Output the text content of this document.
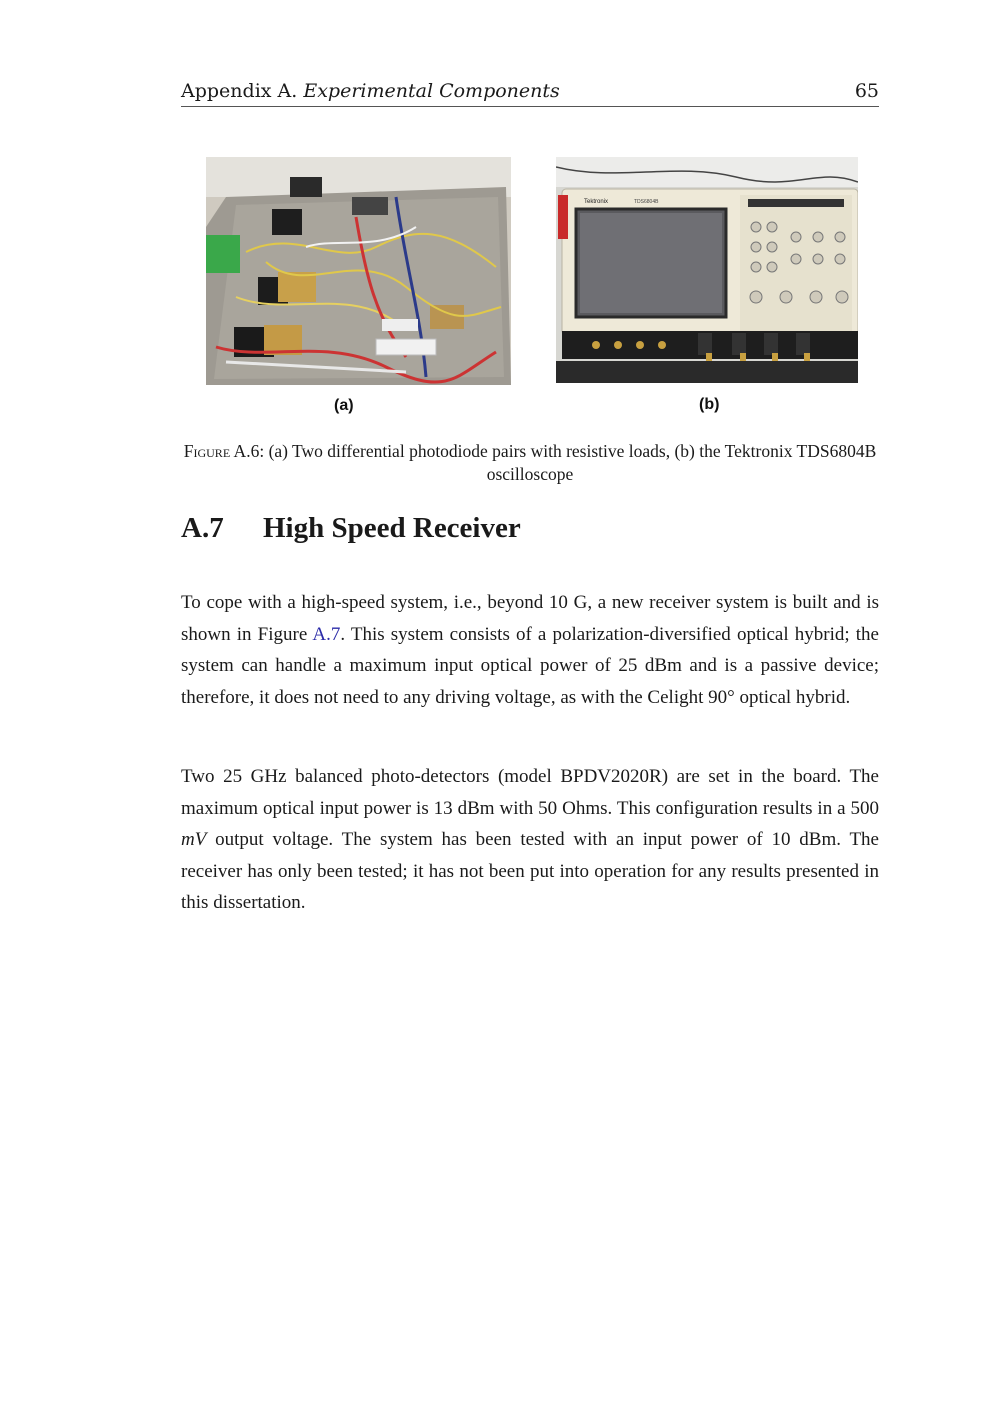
Appendix A. Experimental Components	65
Tektronix	TDS6804B
(a)	(b)
Figure A.6: (a) Two differential photodiode pairs with resistive loads, (b) the Tektronix TDS6804B oscilloscope
A.7 High Speed Receiver

To cope with a high-speed system, i.e., beyond 10 G, a new receiver system is built and is shown in Figure A.7. This system consists of a polarization-diversified optical hybrid; the system can handle a maximum input optical power of 25 dBm and is a passive device; therefore, it does not need to any driving voltage, as with the Celight 90° optical hybrid.

Two 25 GHz balanced photo-detectors (model BPDV2020R) are set in the board. The maximum optical input power is 13 dBm with 50 Ohms. This configuration results in a 500 mV output voltage. The system has been tested with an input power of 10 dBm. The receiver has only been tested; it has not been put into operation for any results presented in this dissertation.
